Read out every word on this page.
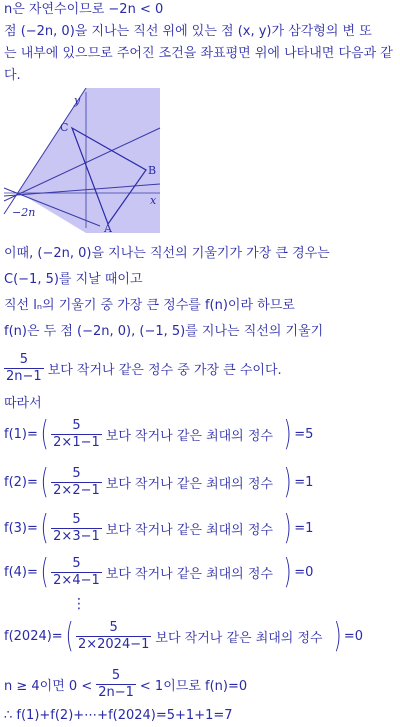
n은 자연수이므로 −2n < 0
점 (−2n, 0)을 지나는 직선 위에 있는 점 (x, y)가 삼각형의 변 또
는 내부에 있으므로 주어진 조건을 좌표평면 위에 나타내면 다음과 같
다.
y
x
C
B
A
−2n
이때, (−2n, 0)을 지나는 직선의 기울기가 가장 큰 경우는
C(−1, 5)를 지날 때이고
직선 lₙ의 기울기 중 가장 큰 정수를 f(n)이라 하므로
f(n)은 두 점 (−2n, 0), (−1, 5)를 지나는 직선의 기울기
$\frac{5}{2n-1}$ 보다 작거나 같은 정수 중 가장 큰 수이다.
따라서
f(1)= ( $\frac{5}{2\times 1-1}$ 보다 작거나 같은 최대의 정수 ) =5
f(2)= ( $\frac{5}{2\times 2-1}$ 보다 작거나 같은 최대의 정수 ) =1
f(3)= ( $\frac{5}{2\times 3-1}$ 보다 작거나 같은 최대의 정수 ) =1
f(4)= ( $\frac{5}{2\times 4-1}$ 보다 작거나 같은 최대의 정수 ) =0
⋮
f(2024)= ( $\frac{5}{2\times 2024-1}$ 보다 작거나 같은 최대의 정수 ) =0
n ≥ 4이면 $0 < \frac{5}{2n-1} < 1$이므로 f(n)=0
∴ f(1)+f(2)+⋯+f(2024)=5+1+1=7
